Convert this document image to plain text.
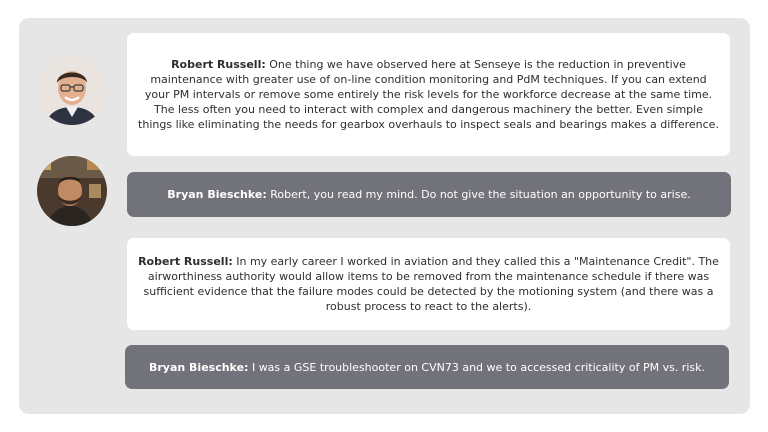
Robert Russell: One thing we have observed here at Senseye is the reduction in preventive maintenance with greater use of on-line condition monitoring and PdM techniques. If you can extend your PM intervals or remove some entirely the risk levels for the workforce decrease at the same time. The less often you need to interact with complex and dangerous machinery the better. Even simple things like eliminating the needs for gearbox overhauls to inspect seals and bearings makes a difference.

Bryan Bieschke: Robert, you read my mind. Do not give the situation an opportunity to arise.

Robert Russell: In my early career I worked in aviation and they called this a "Maintenance Credit". The airworthiness authority would allow items to be removed from the maintenance schedule if there was sufficient evidence that the failure modes could be detected by the motioning system (and there was a robust process to react to the alerts).

Bryan Bieschke: I was a GSE troubleshooter on CVN73 and we to accessed criticality of PM vs. risk.
